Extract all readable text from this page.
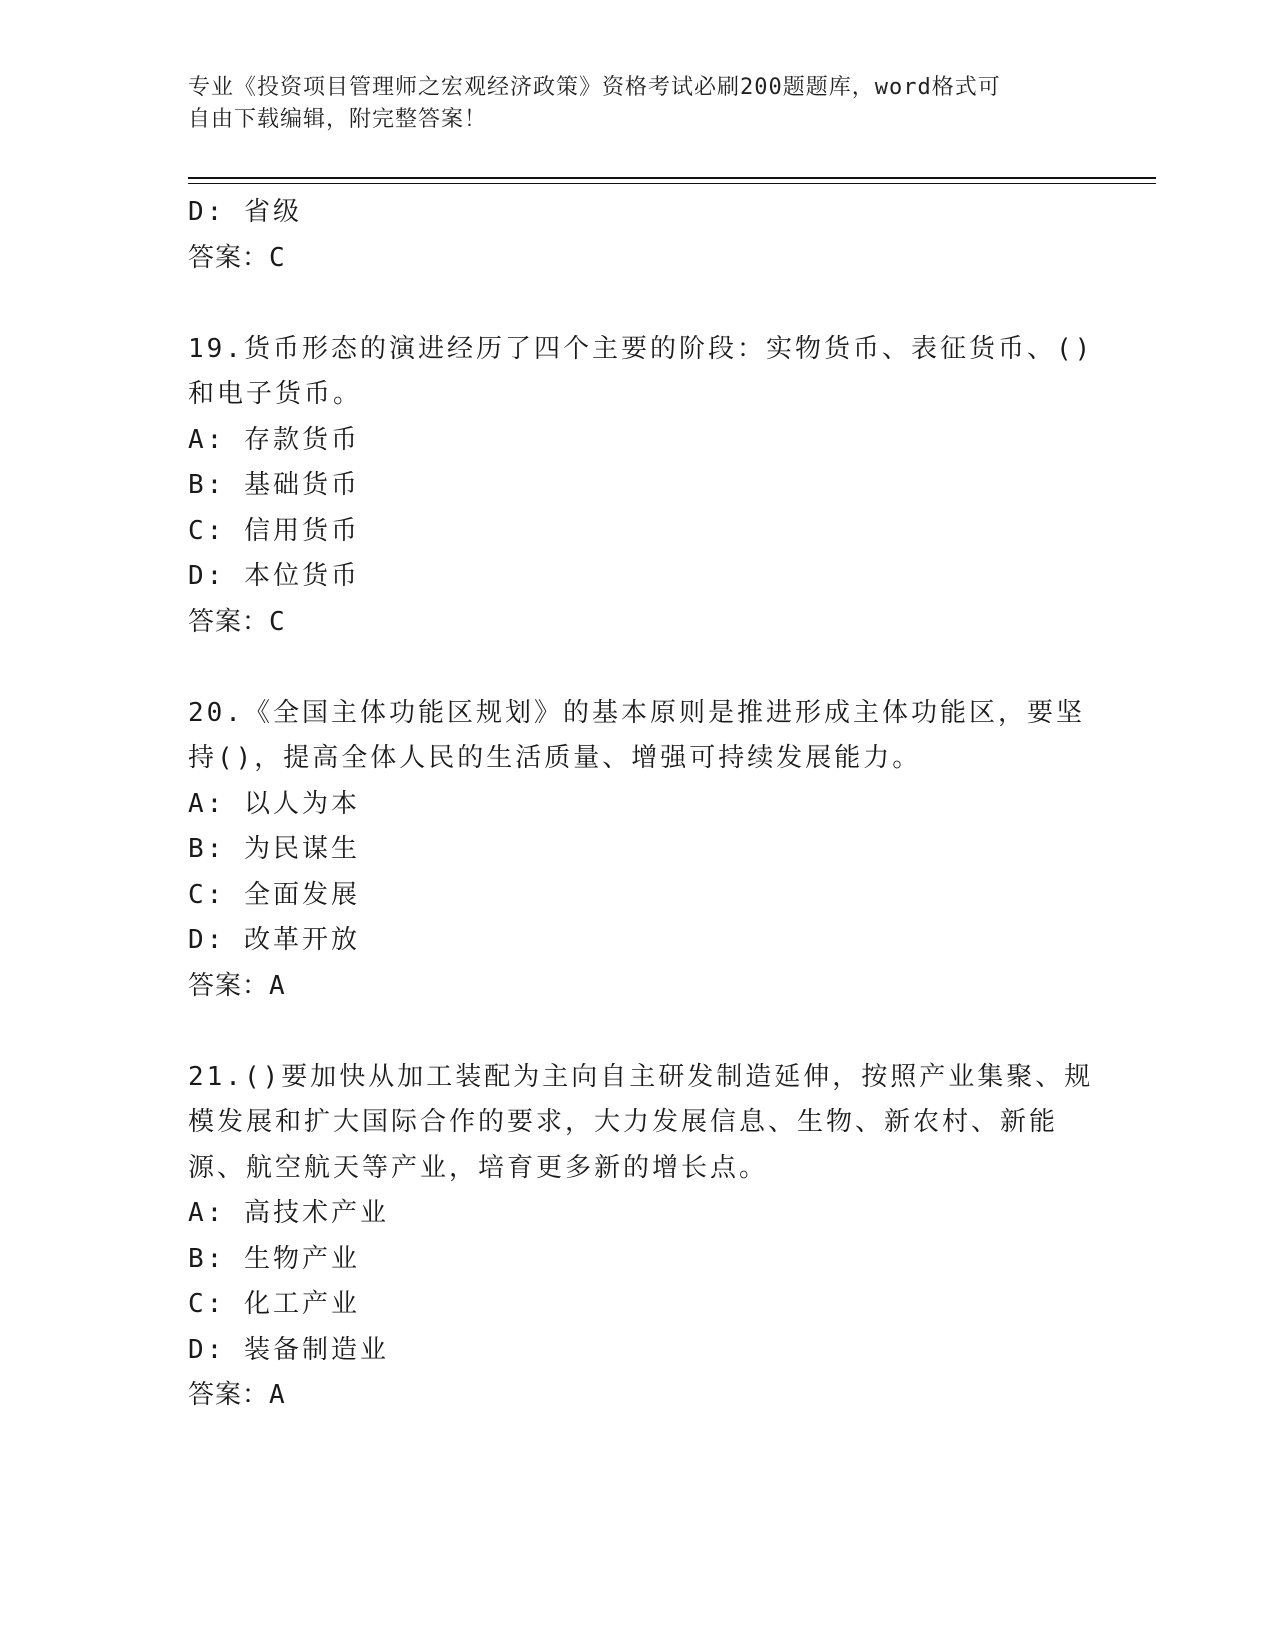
专业《投资项目管理师之宏观经济政策》资格考试必刷200题题库，word格式可
自由下载编辑，附完整答案！
D: 省级
答案：C
19.货币形态的演进经历了四个主要的阶段：实物货币、表征货币、()
和电子货币。
A: 存款货币
B: 基础货币
C: 信用货币
D: 本位货币
答案：C
20.《全国主体功能区规划》的基本原则是推进形成主体功能区，要坚
持()，提高全体人民的生活质量、增强可持续发展能力。
A: 以人为本
B: 为民谋生
C: 全面发展
D: 改革开放
答案：A
21.()要加快从加工装配为主向自主研发制造延伸，按照产业集聚、规
模发展和扩大国际合作的要求，大力发展信息、生物、新农村、新能
源、航空航天等产业，培育更多新的增长点。
A: 高技术产业
B: 生物产业
C: 化工产业
D: 装备制造业
答案：A
